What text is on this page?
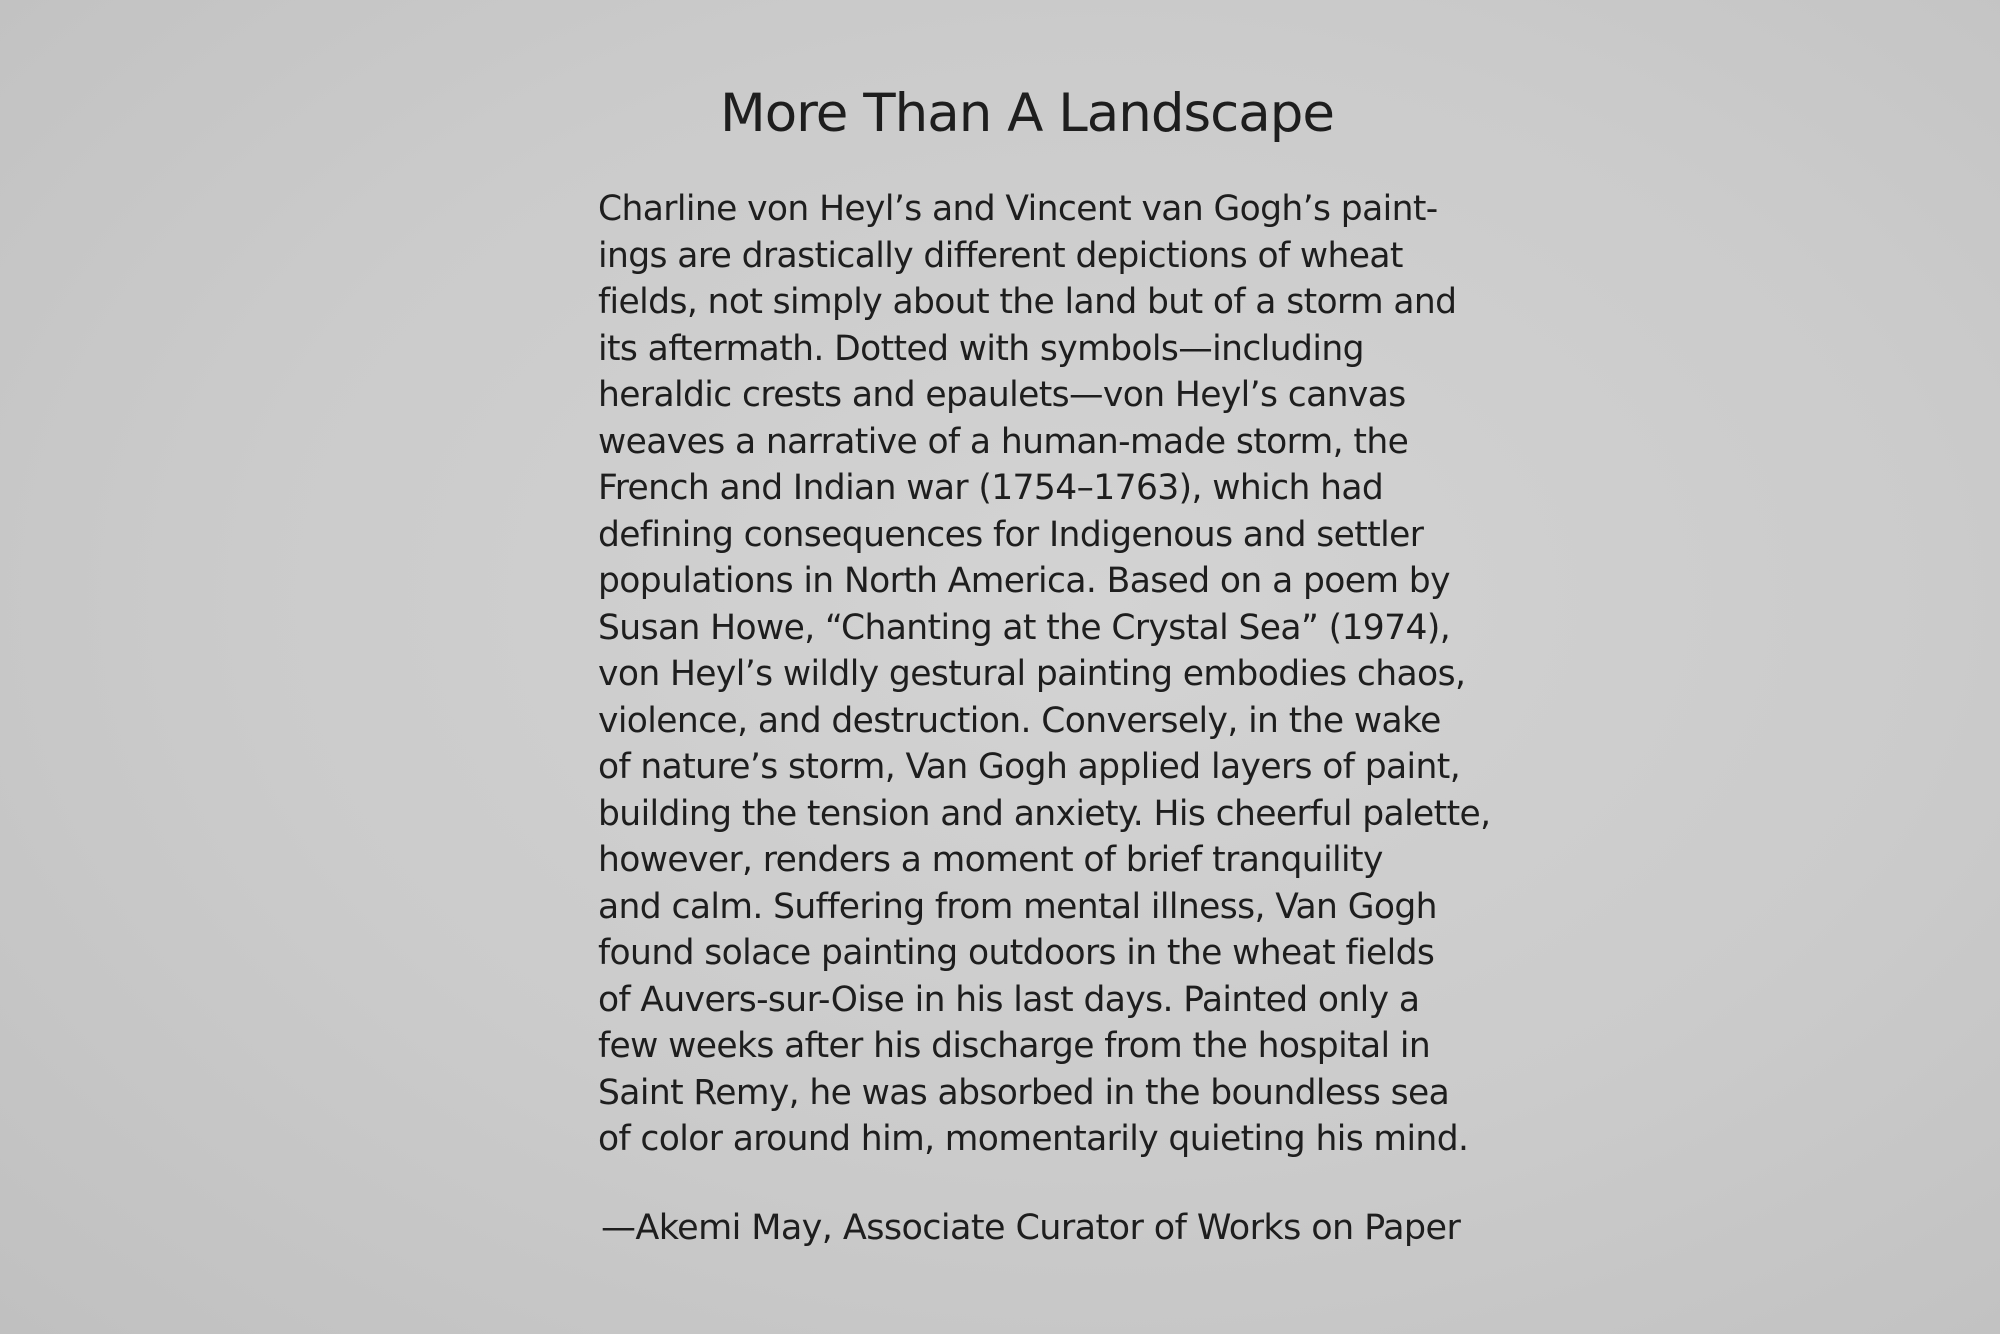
More Than A Landscape
Charline von Heyl’s and Vincent van Gogh’s paint-
ings are drastically different depictions of wheat
fields, not simply about the land but of a storm and
its aftermath. Dotted with symbols—including
heraldic crests and epaulets—von Heyl’s canvas
weaves a narrative of a human-made storm, the
French and Indian war (1754–1763), which had
defining consequences for Indigenous and settler
populations in North America. Based on a poem by
Susan Howe, “Chanting at the Crystal Sea” (1974),
von Heyl’s wildly gestural painting embodies chaos,
violence, and destruction. Conversely, in the wake
of nature’s storm, Van Gogh applied layers of paint,
building the tension and anxiety. His cheerful palette,
however, renders a moment of brief tranquility
and calm. Suffering from mental illness, Van Gogh
found solace painting outdoors in the wheat fields
of Auvers-sur-Oise in his last days. Painted only a
few weeks after his discharge from the hospital in
Saint Remy, he was absorbed in the boundless sea
of color around him, momentarily quieting his mind.
—Akemi May, Associate Curator of Works on Paper
